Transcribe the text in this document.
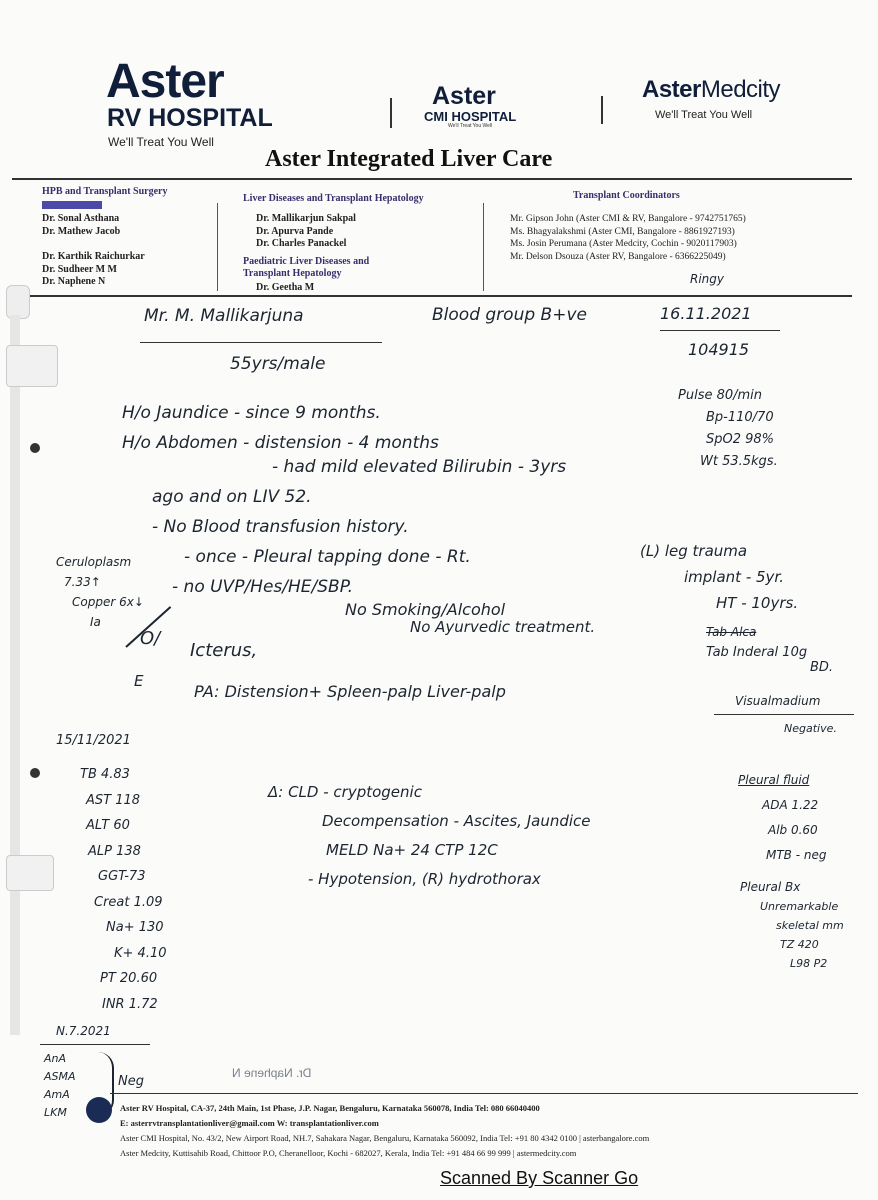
Aster
RV HOSPITAL
We'll Treat You Well
Aster
CMI HOSPITAL
We'll Treat You Well
AsterMedcity
We'll Treat You Well
Aster Integrated Liver Care
HPB and Transplant Surgery
Dr. Sonal Asthana
Dr. Mathew Jacob
Dr. Karthik Raichurkar
Dr. Sudheer M M
Dr. Naphene N
Liver Diseases and Transplant Hepatology
Dr. Mallikarjun Sakpal
Dr. Apurva Pande
Dr. Charles Panackel
Paediatric Liver Diseases and
Transplant Hepatology
Dr. Geetha M
Transplant Coordinators
Mr. Gipson John (Aster CMI & RV, Bangalore - 9742751765)
Ms. Bhagyalakshmi (Aster CMI, Bangalore - 8861927193)
Ms. Josin Perumana (Aster Medcity, Cochin - 9020117903)
Mr. Delson Dsouza (Aster RV, Bangalore - 6366225049)
Ringy
Mr. M. Mallikarjuna	Blood group B+ve	16.11.2021
104915
55yrs/male
H/o Jaundice - since 9 months.
H/o Abdomen - distension - 4 months
- had mild elevated Bilirubin - 3yrs
ago and on LIV 52.
- No Blood transfusion history.
- once - Pleural tapping done - Rt.
- no UVP/Hes/HE/SBP.
No Smoking/Alcohol
No Ayurvedic treatment.
Pulse 80/min
Bp-110/70
SpO2 98%
Wt 53.5kgs.
Ceruloplasm
7.33↑
Copper 6x↓
Ia
O/
Icterus,
E
(L) leg trauma
implant - 5yr.
HT - 10yrs.
Tab Alca
Tab Inderal 10g
BD.
PA: Distension+ Spleen-palp Liver-palp	Visualmadium
Negative.
15/11/2021
TB 4.83
AST 118
ALT 60
ALP 138
GGT-73
Creat 1.09
Na+ 130
K+ 4.10
PT 20.60
INR 1.72
Δ: CLD - cryptogenic
Decompensation - Ascites, Jaundice
MELD Na+ 24 CTP 12C
- Hypotension, (R) hydrothorax
Pleural fluid
ADA 1.22
Alb 0.60
MTB - neg
Pleural Bx
Unremarkable
skeletal mm
TZ 420
L98 P2
N.7.2021
AnA
ASMA
AmA
LKM
Neg
Dr. Naphene N
Aster RV Hospital, CA-37, 24th Main, 1st Phase, J.P. Nagar, Bengaluru, Karnataka 560078, India Tel: 080 66040400
E: asterrvtransplantationliver@gmail.com W: transplantationliver.com
Aster CMI Hospital, No. 43/2, New Airport Road, NH.7, Sahakara Nagar, Bengaluru, Karnataka 560092, India Tel: +91 80 4342 0100 | asterbangalore.com
Aster Medcity, Kuttisahib Road, Chittoor P.O, Cheranelloor, Kochi - 682027, Kerala, India Tel: +91 484 66 99 999 | astermedcity.com
Scanned By Scanner Go
